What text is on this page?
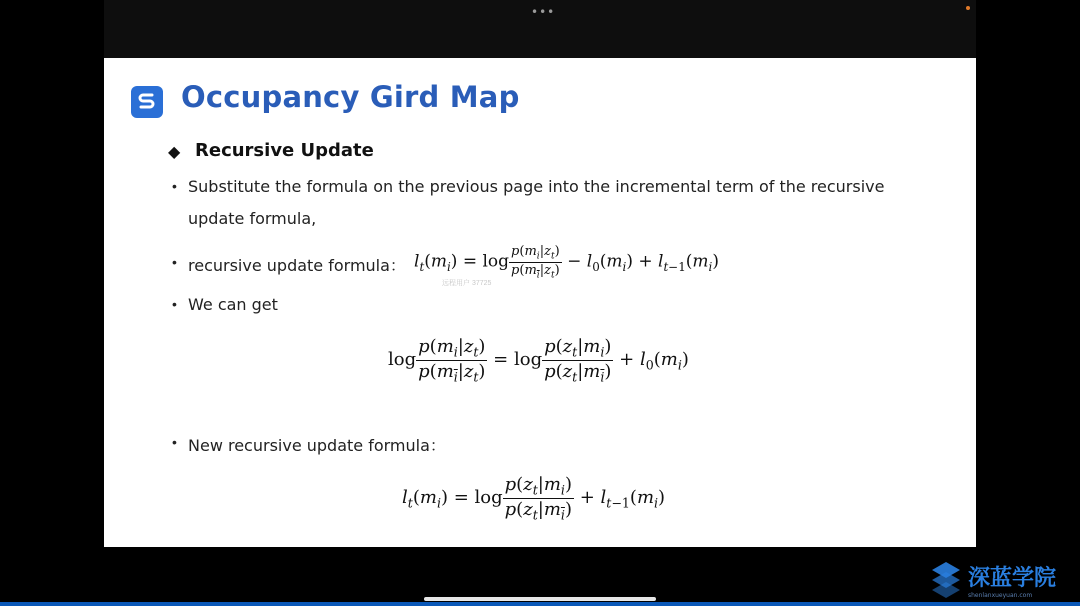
•••
Occupancy Gird Map
◆ Recursive Update
• Substitute the formula on the previous page into the incremental term of the recursive
update formula,
• recursive update formula： $l_t(m_i) = \log \frac{p(m_i|z_t)}{p(m_i|z_t)} - l_0(m_i) + l_{t-1}(m_i)$
远程用户 37725
• We can get
$\log \frac{p(m_i|z_t)}{p(m_i|z_t)} = \log \frac{p(z_t|m_i)}{p(z_t|m_i)} + l_0(m_i)$
• New recursive update formula：
$l_t(m_i) = \log \frac{p(z_t|m_i)}{p(z_t|m_i)} + l_{t-1}(m_i)$
深蓝学院
shenlanxueyuan.com
